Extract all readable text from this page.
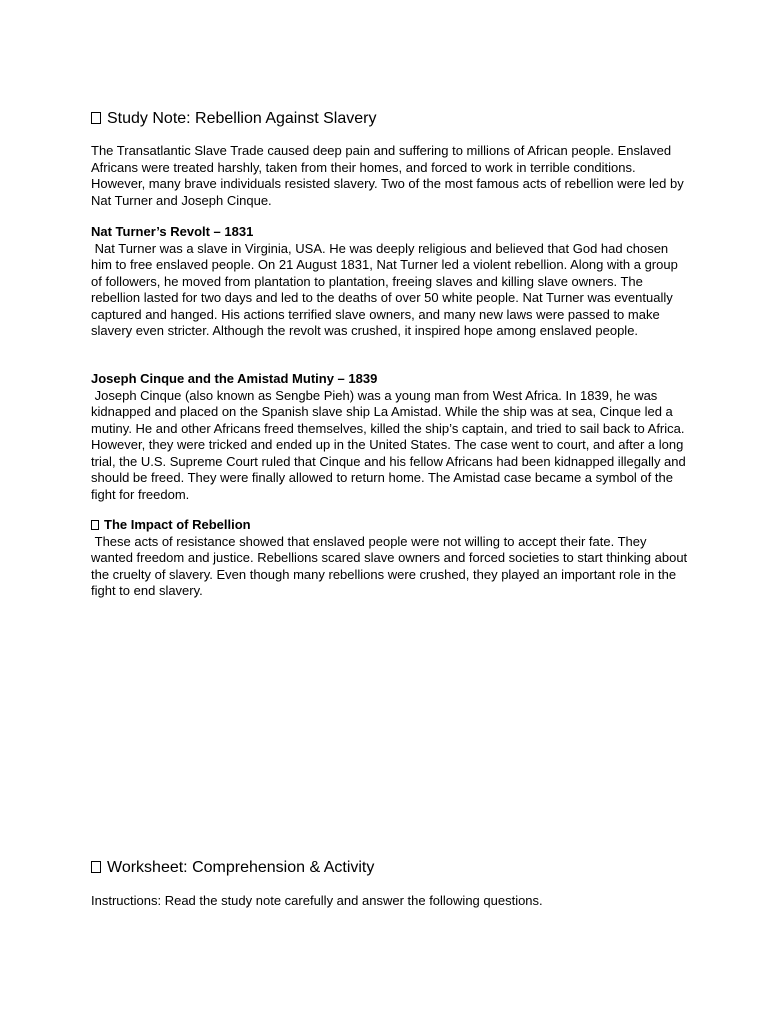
Study Note: Rebellion Against Slavery

The Transatlantic Slave Trade caused deep pain and suffering to millions of African people. Enslaved Africans were treated harshly, taken from their homes, and forced to work in terrible conditions. However, many brave individuals resisted slavery. Two of the most famous acts of rebellion were led by Nat Turner and Joseph Cinque.

Nat Turner’s Revolt – 1831

Nat Turner was a slave in Virginia, USA. He was deeply religious and believed that God had chosen him to free enslaved people. On 21 August 1831, Nat Turner led a violent rebellion. Along with a group of followers, he moved from plantation to plantation, freeing slaves and killing slave owners. The rebellion lasted for two days and led to the deaths of over 50 white people. Nat Turner was eventually captured and hanged. His actions terrified slave owners, and many new laws were passed to make slavery even stricter. Although the revolt was crushed, it inspired hope among enslaved people.

Joseph Cinque and the Amistad Mutiny – 1839

Joseph Cinque (also known as Sengbe Pieh) was a young man from West Africa. In 1839, he was kidnapped and placed on the Spanish slave ship La Amistad. While the ship was at sea, Cinque led a mutiny. He and other Africans freed themselves, killed the ship’s captain, and tried to sail back to Africa. However, they were tricked and ended up in the United States. The case went to court, and after a long trial, the U.S. Supreme Court ruled that Cinque and his fellow Africans had been kidnapped illegally and should be freed. They were finally allowed to return home. The Amistad case became a symbol of the fight for freedom.

The Impact of Rebellion

These acts of resistance showed that enslaved people were not willing to accept their fate. They wanted freedom and justice. Rebellions scared slave owners and forced societies to start thinking about the cruelty of slavery. Even though many rebellions were crushed, they played an important role in the fight to end slavery.

Worksheet: Comprehension & Activity

Instructions: Read the study note carefully and answer the following questions.
